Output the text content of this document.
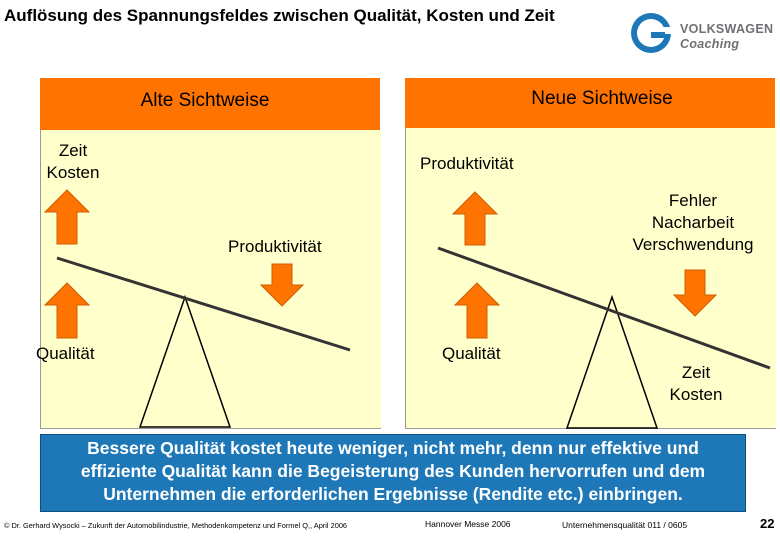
Auflösung des Spannungsfeldes zwischen Qualität, Kosten und Zeit
VOLKSWAGEN
Coaching
Alte Sichtweise	Neue Sichtweise
Zeit
Kosten
Produktivität
Qualität
Produktivität
Fehler
Nacharbeit
Verschwendung
Qualität
Zeit
Kosten
Bessere Qualität kostet heute weniger, nicht mehr, denn nur effektive und
effiziente Qualität kann die Begeisterung des Kunden hervorrufen und dem
Unternehmen die erforderlichen Ergebnisse (Rendite etc.) einbringen.
© Dr. Gerhard Wysocki – Zukunft der Automobilindustrie, Methodenkompetenz und Formel Q,, April 2006	Hannover Messe 2006	Unternehmensqualität 011 / 0605	22
